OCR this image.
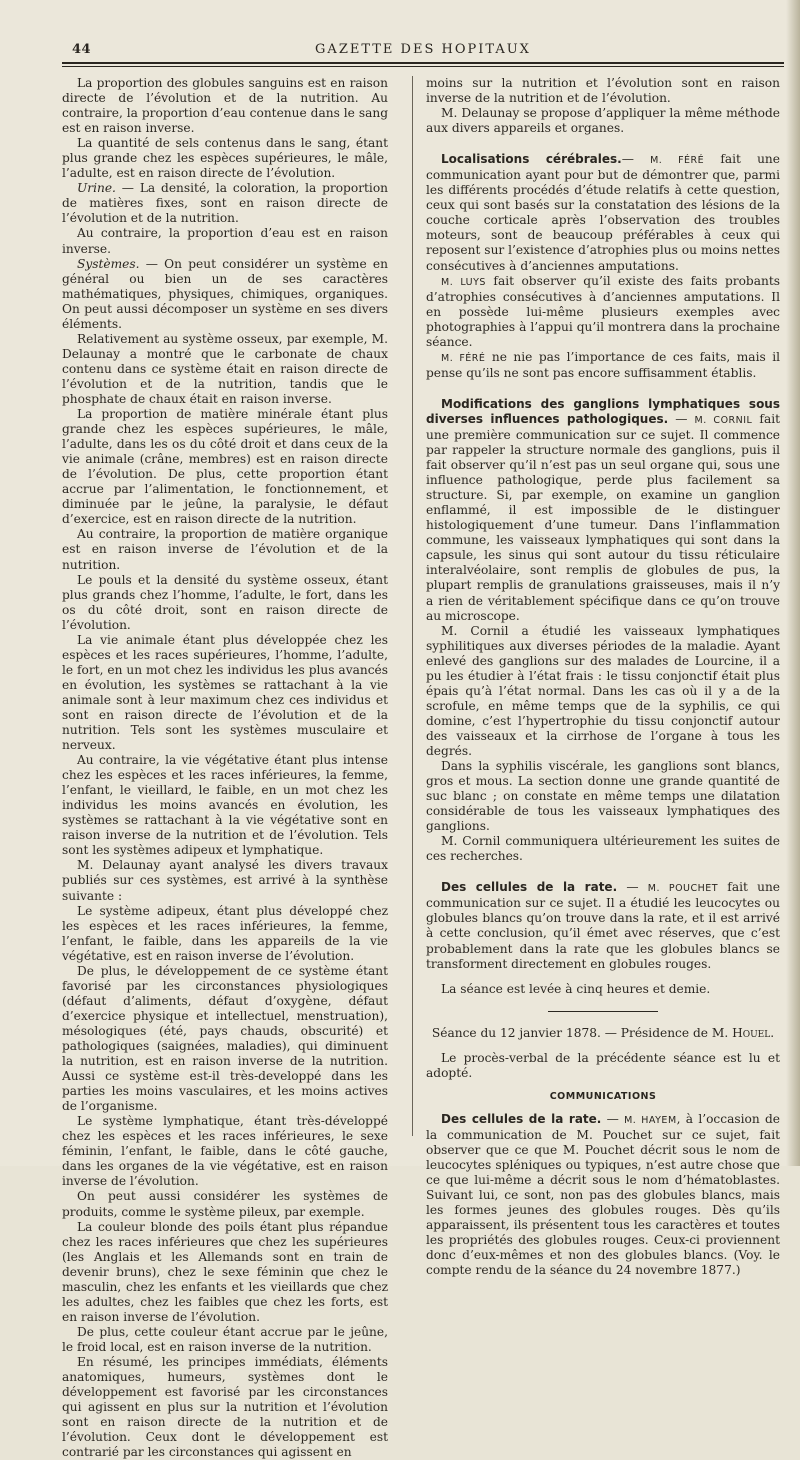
44	GAZETTE DES HOPITAUX

La proportion des globules sanguins est en raison directe de l’évolution et de la nutrition. Au contraire, la proportion d’eau contenue dans le sang est en raison inverse.

La quantité de sels contenus dans le sang, étant plus grande chez les espèces supérieures, le mâle, l’adulte, est en raison directe de l’évolution.

Urine. — La densité, la coloration, la proportion de matières fixes, sont en raison directe de l’évolution et de la nutrition.

Au contraire, la proportion d’eau est en raison inverse.

Systèmes. — On peut considérer un système en général ou bien un de ses caractères mathématiques, physiques, chimiques, organiques. On peut aussi décomposer un système en ses divers éléments.

Relativement au système osseux, par exemple, M. Delaunay a montré que le carbonate de chaux contenu dans ce système était en raison directe de l’évolution et de la nutrition, tandis que le phosphate de chaux était en raison inverse.

La proportion de matière minérale étant plus grande chez les espèces supérieures, le mâle, l’adulte, dans les os du côté droit et dans ceux de la vie animale (crâne, membres) est en raison directe de l’évolution. De plus, cette proportion étant accrue par l’alimentation, le fonctionnement, et diminuée par le jeûne, la paralysie, le défaut d’exercice, est en raison directe de la nutrition.

Au contraire, la proportion de matière organique est en raison inverse de l’évolution et de la nutrition.

Le pouls et la densité du système osseux, étant plus grands chez l’homme, l’adulte, le fort, dans les os du côté droit, sont en raison directe de l’évolution.

La vie animale étant plus développée chez les espèces et les races supérieures, l’homme, l’adulte, le fort, en un mot chez les individus les plus avancés en évolution, les systèmes se rattachant à la vie animale sont à leur maximum chez ces individus et sont en raison directe de l’évolution et de la nutrition. Tels sont les systèmes musculaire et nerveux.

Au contraire, la vie végétative étant plus intense chez les espèces et les races inférieures, la femme, l’enfant, le vieillard, le faible, en un mot chez les individus les moins avancés en évolution, les systèmes se rattachant à la vie végétative sont en raison inverse de la nutrition et de l’évolution. Tels sont les systèmes adipeux et lymphatique.

M. Delaunay ayant analysé les divers travaux publiés sur ces systèmes, est arrivé à la synthèse suivante :

Le système adipeux, étant plus développé chez les espèces et les races inférieures, la femme, l’enfant, le faible, dans les appareils de la vie végétative, est en raison inverse de l’évolution.

De plus, le développement de ce système étant favorisé par les circonstances physiologiques (défaut d’aliments, défaut d’oxygène, défaut d’exercice physique et intellectuel, menstruation), mésologiques (été, pays chauds, obscurité) et pathologiques (saignées, maladies), qui diminuent la nutrition, est en raison inverse de la nutrition. Aussi ce système est-il très-developpé dans les parties les moins vasculaires, et les moins actives de l’organisme.

Le système lymphatique, étant très-développé chez les espèces et les races inférieures, le sexe féminin, l’enfant, le faible, dans le côté gauche, dans les organes de la vie végétative, est en raison inverse de l’évolution.

On peut aussi considérer les systèmes de produits, comme le système pileux, par exemple.

La couleur blonde des poils étant plus répandue chez les races inférieures que chez les supérieures (les Anglais et les Allemands sont en train de devenir bruns), chez le sexe féminin que chez le masculin, chez les enfants et les vieillards que chez les adultes, chez les faibles que chez les forts, est en raison inverse de l’évolution.

De plus, cette couleur étant accrue par le jeûne, le froid local, est en raison inverse de la nutrition.

En résumé, les principes immédiats, éléments anatomiques, humeurs, systèmes dont le développement est favorisé par les circonstances qui agissent en plus sur la nutrition et l’évolution sont en raison directe de la nutrition et de l’évolution. Ceux dont le développement est contrarié par les circonstances qui agissent en

moins sur la nutrition et l’évolution sont en raison inverse de la nutrition et de l’évolution.

M. Delaunay se propose d’appliquer la même méthode aux divers appareils et organes.

Localisations cérébrales.— M. FÉRÉ fait une communication ayant pour but de démontrer que, parmi les différents procédés d’étude relatifs à cette question, ceux qui sont basés sur la constatation des lésions de la couche corticale après l’observation des troubles moteurs, sont de beaucoup préférables à ceux qui reposent sur l’existence d’atrophies plus ou moins nettes consécutives à d’anciennes amputations.

M. LUYS fait observer qu’il existe des faits probants d’atrophies consécutives à d’anciennes amputations. Il en possède lui-même plusieurs exemples avec photographies à l’appui qu’il montrera dans la prochaine séance.

M. FÉRÉ ne nie pas l’importance de ces faits, mais il pense qu’ils ne sont pas encore suffisamment établis.

Modifications des ganglions lymphatiques sous diverses influences pathologiques. — M. CORNIL fait une première communication sur ce sujet. Il commence par rappeler la structure normale des ganglions, puis il fait observer qu’il n’est pas un seul organe qui, sous une influence pathologique, perde plus facilement sa structure. Si, par exemple, on examine un ganglion enflammé, il est impossible de le distinguer histologiquement d’une tumeur. Dans l’inflammation commune, les vaisseaux lymphatiques qui sont dans la capsule, les sinus qui sont autour du tissu réticulaire interalvéolaire, sont remplis de globules de pus, la plupart remplis de granulations graisseuses, mais il n’y a rien de véritablement spécifique dans ce qu’on trouve au microscope.

M. Cornil a étudié les vaisseaux lymphatiques syphilitiques aux diverses périodes de la maladie. Ayant enlevé des ganglions sur des malades de Lourcine, il a pu les étudier à l’état frais : le tissu conjonctif était plus épais qu’à l’état normal. Dans les cas où il y a de la scrofule, en même temps que de la syphilis, ce qui domine, c’est l’hypertrophie du tissu conjonctif autour des vaisseaux et la cirrhose de l’organe à tous les degrés.

Dans la syphilis viscérale, les ganglions sont blancs, gros et mous. La section donne une grande quantité de suc blanc ; on constate en même temps une dilatation considérable de tous les vaisseaux lymphatiques des ganglions.

M. Cornil communiquera ultérieurement les suites de ces recherches.

Des cellules de la rate. — M. POUCHET fait une communication sur ce sujet. Il a étudié les leucocytes ou globules blancs qu’on trouve dans la rate, et il est arrivé à cette conclusion, qu’il émet avec réserves, que c’est probablement dans la rate que les globules blancs se transforment directement en globules rouges.

La séance est levée à cinq heures et demie.

Séance du 12 janvier 1878. — Présidence de M. Houel.

Le procès-verbal de la précédente séance est lu et adopté.

COMMUNICATIONS

Des cellules de la rate. — M. HAYEM, à l’occasion de la communication de M. Pouchet sur ce sujet, fait observer que ce que M. Pouchet décrit sous le nom de leucocytes spléniques ou typiques, n’est autre chose que ce que lui-même a décrit sous le nom d’hématoblastes. Suivant lui, ce sont, non pas des globules blancs, mais les formes jeunes des globules rouges. Dès qu’ils apparaissent, ils présentent tous les caractères et toutes les propriétés des globules rouges. Ceux-ci proviennent donc d’eux-mêmes et non des globules blancs. (Voy. le compte rendu de la séance du 24 novembre 1877.)
